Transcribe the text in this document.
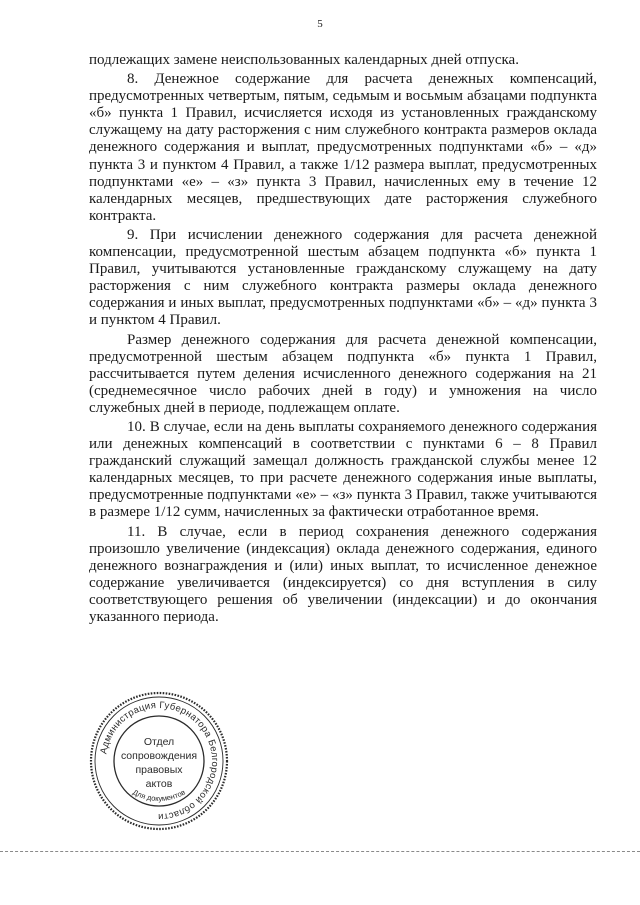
5

подлежащих замене неиспользованных календарных дней отпуска.

8. Денежное содержание для расчета денежных компенсаций, предусмотренных четвертым, пятым, седьмым и восьмым абзацами подпункта «б» пункта 1 Правил, исчисляется исходя из установленных гражданскому служащему на дату расторжения с ним служебного контракта размеров оклада денежного содержания и выплат, предусмотренных подпунктами «б» – «д» пункта 3 и пунктом 4 Правил, а также 1/12 размера выплат, предусмотренных подпунктами «е» – «з» пункта 3 Правил, начисленных ему в течение 12 календарных месяцев, предшествующих дате расторжения служебного контракта.

9. При исчислении денежного содержания для расчета денежной компенсации, предусмотренной шестым абзацем подпункта «б» пункта 1 Правил, учитываются установленные гражданскому служащему на дату расторжения с ним служебного контракта размеры оклада денежного содержания и иных выплат, предусмотренных подпунктами «б» – «д» пункта 3 и пунктом 4 Правил.

Размер денежного содержания для расчета денежной компенсации, предусмотренной шестым абзацем подпункта «б» пункта 1 Правил, рассчитывается путем деления исчисленного денежного содержания на 21 (среднемесячное число рабочих дней в году) и умножения на число служебных дней в периоде, подлежащем оплате.

10. В случае, если на день выплаты сохраняемого денежного содержания или денежных компенсаций в соответствии с пунктами 6 – 8 Правил гражданский служащий замещал должность гражданской службы менее 12 календарных месяцев, то при расчете денежного содержания иные выплаты, предусмотренные подпунктами «е» – «з» пункта 3 Правил, также учитываются в размере 1/12 сумм, начисленных за фактически отработанное время.

11. В случае, если в период сохранения денежного содержания произошло увеличение (индексация) оклада денежного содержания, единого денежного вознаграждения и (или) иных выплат, то исчисленное денежное содержание увеличивается (индексируется) со дня вступления в силу соответствующего решения об увеличении (индексации) и до окончания указанного периода.

Администрация Губернатора Белгородской области
Отдел
сопровождения
правовых
актов
Для документов
